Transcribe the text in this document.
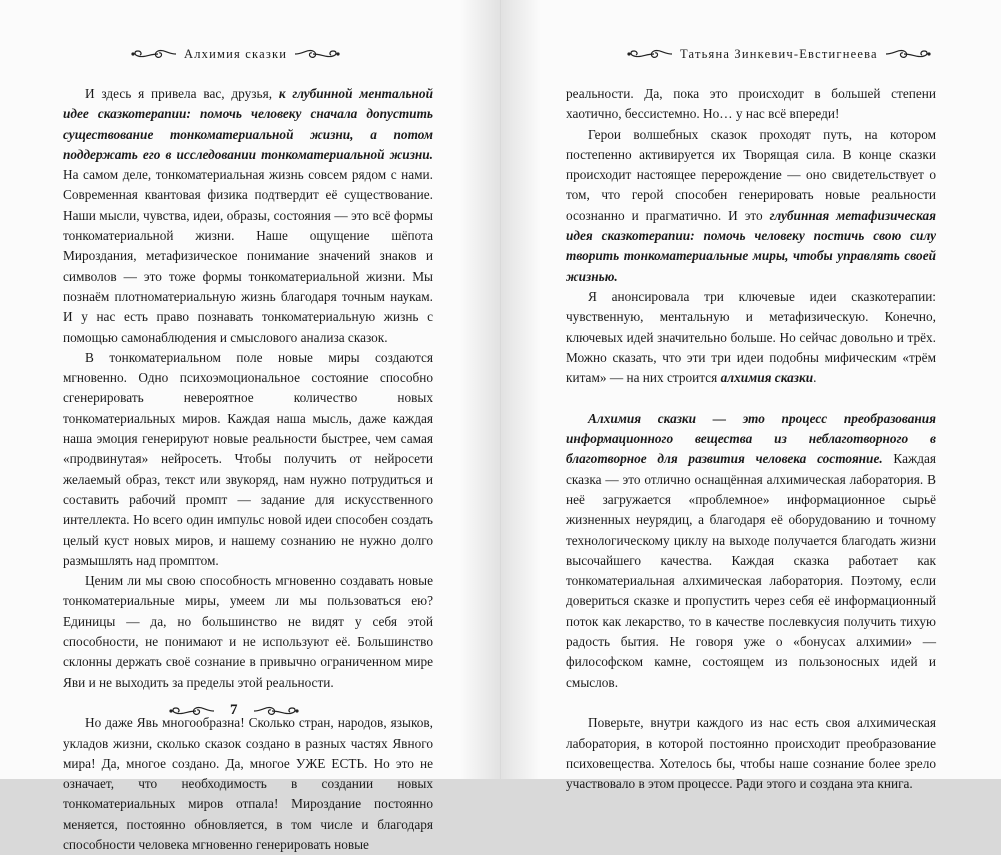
Алхимия сказки
7
Татьяна Зинкевич-Евстигнеева

И здесь я привела вас, друзья, к глубинной ментальной идее сказкотерапии: помочь человеку сначала допустить существование тонкоматериальной жизни, а потом поддержать его в исследовании тонкоматериальной жизни. На самом деле, тонкоматериальная жизнь совсем рядом с нами. Современная квантовая физика подтвердит её существование. Наши мысли, чувства, идеи, образы, состояния — это всё формы тонкоматериальной жизни. Наше ощущение шёпота Мироздания, метафизическое понимание значений знаков и символов — это тоже формы тонкоматериальной жизни. Мы познаём плотноматериальную жизнь благодаря точным наукам. И у нас есть право познавать тонкоматериальную жизнь с помощью самонаблюдения и смыслового анализа сказок.

В тонкоматериальном поле новые миры создаются мгновенно. Одно психоэмоциональное состояние способно сгенерировать невероятное количество новых тонкоматериальных миров. Каждая наша мысль, даже каждая наша эмоция генерируют новые реальности быстрее, чем самая «продвинутая» нейросеть. Чтобы получить от нейросети желаемый образ, текст или звукоряд, нам нужно потрудиться и составить рабочий промпт — задание для искусственного интеллекта. Но всего один импульс новой идеи способен создать целый куст новых миров, и нашему сознанию не нужно долго размышлять над промптом.

Ценим ли мы свою способность мгновенно создавать новые тонкоматериальные миры, умеем ли мы пользоваться ею? Единицы — да, но большинство не видят у себя этой способности, не понимают и не используют её. Большинство склонны держать своё сознание в привычно ограниченном мире Яви и не выходить за пределы этой реальности.

Но даже Явь многообразна! Сколько стран, народов, языков, укладов жизни, сколько сказок создано в разных частях Явного мира! Да, многое создано. Да, многое УЖЕ ЕСТЬ. Но это не означает, что необходимость в создании новых тонкоматериальных миров отпала! Мироздание постоянно меняется, постоянно обновляется, в том числе и благодаря способности человека мгновенно генерировать новые

реальности. Да, пока это происходит в большей степени хаотично, бессистемно. Но… у нас всё впереди!

Герои волшебных сказок проходят путь, на котором постепенно активируется их Творящая сила. В конце сказки происходит настоящее перерождение — оно свидетельствует о том, что герой способен генерировать новые реальности осознанно и прагматично. И это глубинная метафизическая идея сказкотерапии: помочь человеку постичь свою силу творить тонкоматериальные миры, чтобы управлять своей жизнью.

Я анонсировала три ключевые идеи сказкотерапии: чувственную, ментальную и метафизическую. Конечно, ключевых идей значительно больше. Но сейчас довольно и трёх. Можно сказать, что эти три идеи подобны мифическим «трём китам» — на них строится алхимия сказки.

Алхимия сказки — это процесс преобразования информационного вещества из неблаготворного в благотворное для развития человека состояние. Каждая сказка — это отлично оснащённая алхимическая лаборатория. В неё загружается «проблемное» информационное сырьё жизненных неурядиц, а благодаря её оборудованию и точному технологическому циклу на выходе получается благодать жизни высочайшего качества. Каждая сказка работает как тонкоматериальная алхимическая лаборатория. Поэтому, если довериться сказке и пропустить через себя её информационный поток как лекарство, то в качестве послевкусия получить тихую радость бытия. Не говоря уже о «бонусах алхимии» — философском камне, состоящем из пользоносных идей и смыслов.

Поверьте, внутри каждого из нас есть своя алхимическая лаборатория, в которой постоянно происходит преобразование психовещества. Хотелось бы, чтобы наше сознание более зрело участвовало в этом процессе. Ради этого и создана эта книга.
